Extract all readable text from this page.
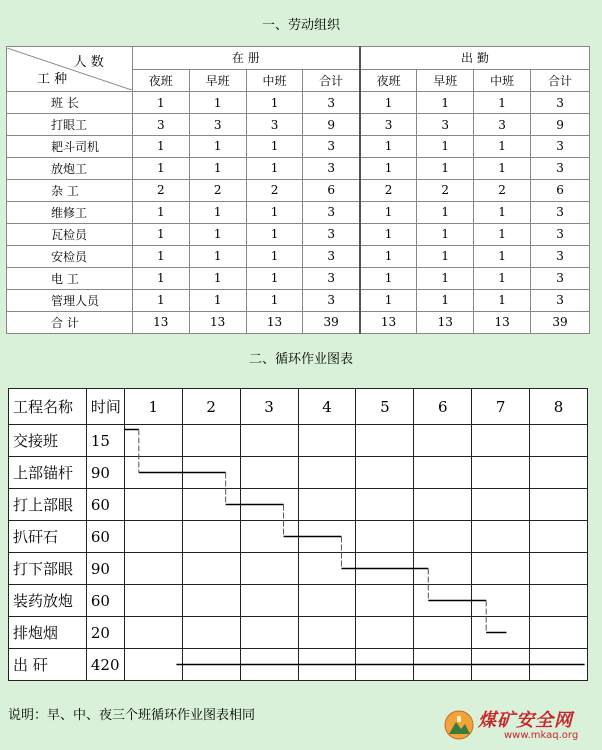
一、劳动组织
人 数
工 种	在 册				出 勤			
	夜班	早班	中班	合计	夜班	早班	中班	合计
班 长	1	1	1	3	1	1	1	3
打眼工	3	3	3	9	3	3	3	9
耙斗司机	1	1	1	3	1	1	1	3
放炮工	1	1	1	3	1	1	1	3
杂 工	2	2	2	6	2	2	2	6
维修工	1	1	1	3	1	1	1	3
瓦检员	1	1	1	3	1	1	1	3
安检员	1	1	1	3	1	1	1	3
电 工	1	1	1	3	1	1	1	3
管理人员	1	1	1	3	1	1	1	3
合 计	13	13	13	39	13	13	13	39
二、循环作业图表
工程名称	时间	1	2	3	4	5	6	7	8
交接班	15								
上部锚杆	90								
打上部眼	60								
扒矸石	60								
打下部眼	90								
装药放炮	60								
排炮烟	20								
出 矸	420								
说明：早、中、夜三个班循环作业图表相同	煤矿安全网
www.mkaq.org
